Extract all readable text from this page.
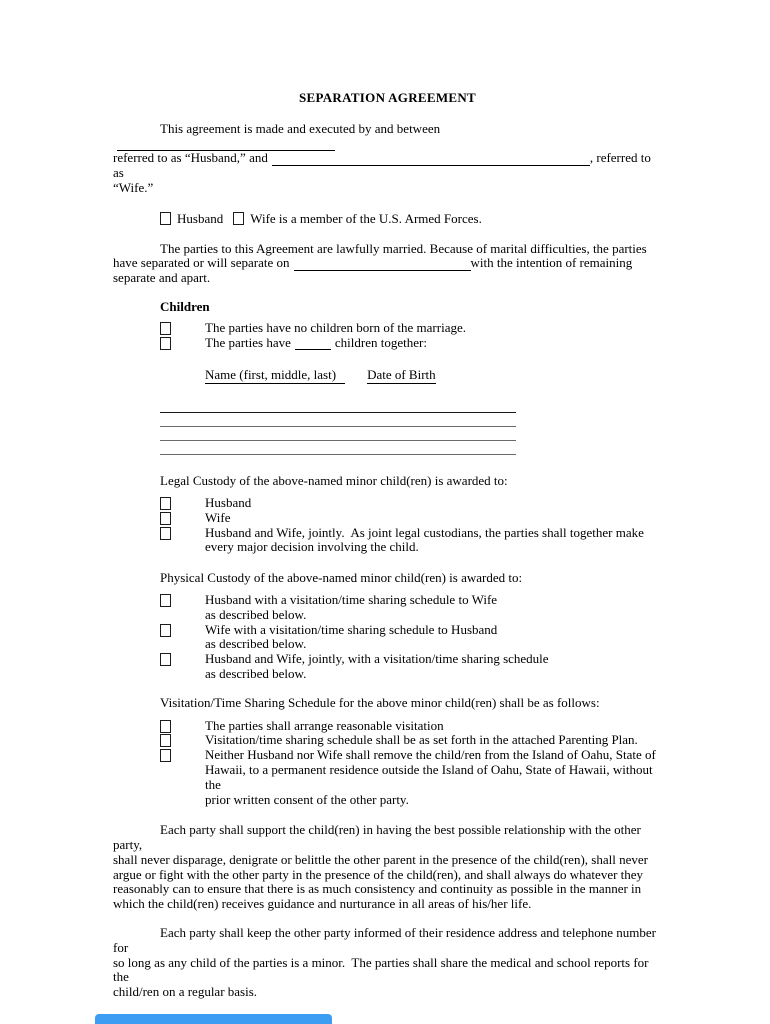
SEPARATION AGREEMENT
This agreement is made and executed by and between
referred to as “Husband,” and	, referred to as
“Wife.”
Husband Wife is a member of the U.S. Armed Forces.
The parties to this Agreement are lawfully married. Because of marital difficulties, the parties
have separated or will separate on	with the intention of remaining
separate and apart.
Children
The parties have no children born of the marriage.
The parties have	children together:
Name (first, middle, last) Date of Birth
Legal Custody of the above-named minor child(ren) is awarded to:
Husband
Wife
Husband and Wife, jointly.  As joint legal custodians, the parties shall together make
every major decision involving the child.
Physical Custody of the above-named minor child(ren) is awarded to:
Husband with a visitation/time sharing schedule to Wife
as described below.
Wife with a visitation/time sharing schedule to Husband
as described below.
Husband and Wife, jointly, with a visitation/time sharing schedule
as described below.
Visitation/Time Sharing Schedule for the above minor child(ren) shall be as follows:
The parties shall arrange reasonable visitation
Visitation/time sharing schedule shall be as set forth in the attached Parenting Plan.
Neither Husband nor Wife shall remove the child/ren from the Island of Oahu, State of
Hawaii, to a permanent residence outside the Island of Oahu, State of Hawaii, without the
prior written consent of the other party.
Each party shall support the child(ren) in having the best possible relationship with the other party,
shall never disparage, denigrate or belittle the other parent in the presence of the child(ren), shall never
argue or fight with the other party in the presence of the child(ren), and shall always do whatever they
reasonably can to ensure that there is as much consistency and continuity as possible in the manner in
which the child(ren) receives guidance and nurturance in all areas of his/her life.
Each party shall keep the other party informed of their residence address and telephone number for
so long as any child of the parties is a minor.  The parties shall share the medical and school reports for the
child/ren on a regular basis.
